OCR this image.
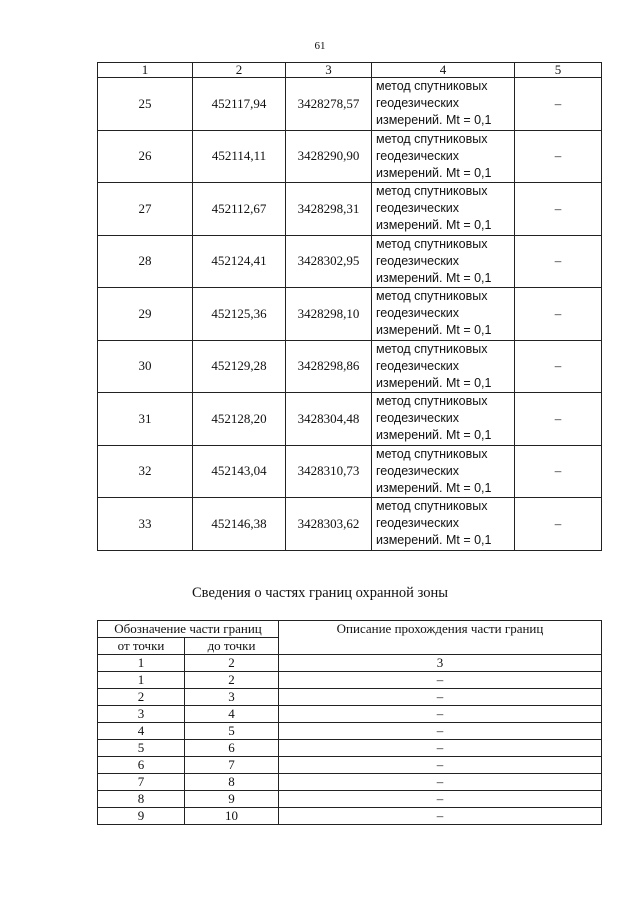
61
1	2	3	4	5
25	452117,94	3428278,57	метод спутниковых
геодезических
измерений. Mt = 0,1	–
26	452114,11	3428290,90	метод спутниковых
геодезических
измерений. Mt = 0,1	–
27	452112,67	3428298,31	метод спутниковых
геодезических
измерений. Mt = 0,1	–
28	452124,41	3428302,95	метод спутниковых
геодезических
измерений. Mt = 0,1	–
29	452125,36	3428298,10	метод спутниковых
геодезических
измерений. Mt = 0,1	–
30	452129,28	3428298,86	метод спутниковых
геодезических
измерений. Mt = 0,1	–
31	452128,20	3428304,48	метод спутниковых
геодезических
измерений. Mt = 0,1	–
32	452143,04	3428310,73	метод спутниковых
геодезических
измерений. Mt = 0,1	–
33	452146,38	3428303,62	метод спутниковых
геодезических
измерений. Mt = 0,1	–
Сведения о частях границ охранной зоны
Обозначение части границ		Описание прохождения части границ
от точки	до точки	
1	2	3
1	2	–
2	3	–
3	4	–
4	5	–
5	6	–
6	7	–
7	8	–
8	9	–
9	10	–
